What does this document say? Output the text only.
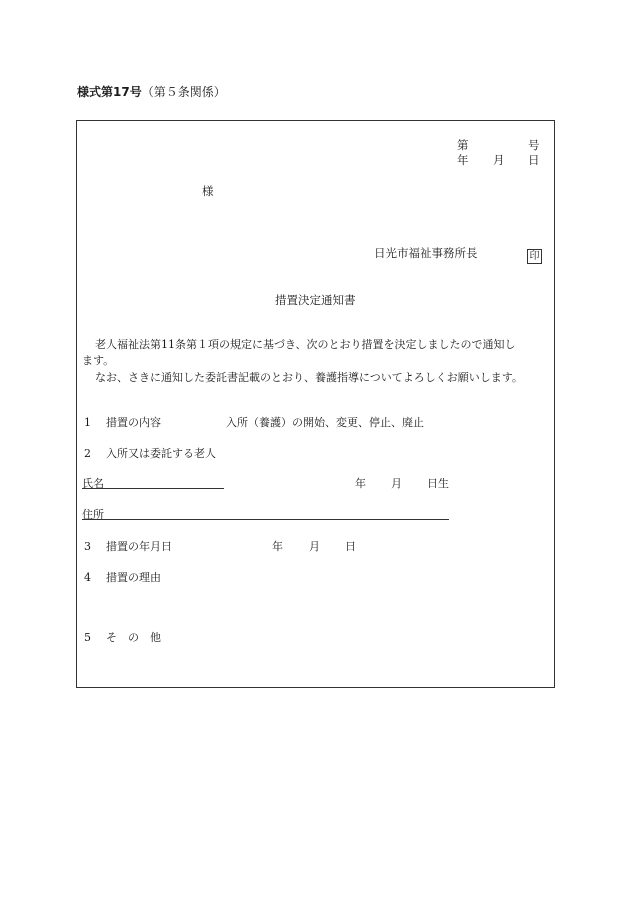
様式第17号（第５条関係）
第	号
年 月 日
様
日光市福祉事務所長	印
措置決定通知書
老人福祉法第11条第１項の規定に基づき、次のとおり措置を決定しましたので通知し
ます。
なお、さきに通知した委託書記載のとおり、養護指導についてよろしくお願いします。
1 措置の内容	入所（養護）の開始、変更、停止、廃止
2 入所又は委託する老人
氏名	年 月 日生
住所
3 措置の年月日	年 月 日
4 措置の理由
5 そ　の　他
